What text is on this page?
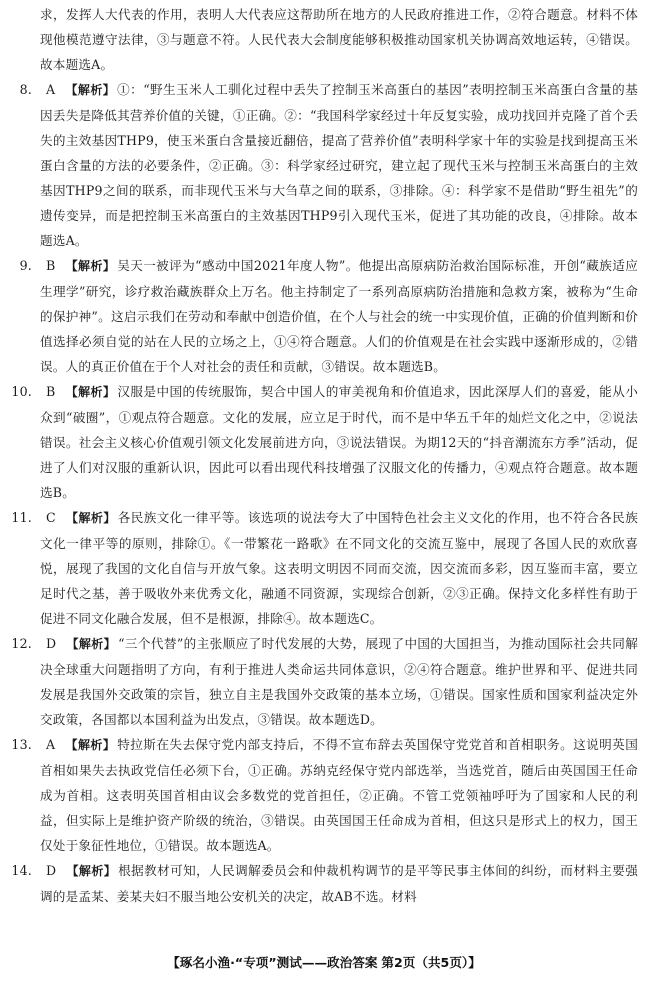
求，发挥人大代表的作用，表明人大代表应这帮助所在地方的人民政府推进工作，②符合题意。材料不体现他模范遵守法律，③与题意不符。人民代表大会制度能够积极推动国家机关协调高效地运转，④错误。故本题选A。

8. A 【解析】 ①：“野生玉米人工驯化过程中丢失了控制玉米高蛋白的基因”表明控制玉米高蛋白含量的基因丢失是降低其营养价值的关键，①正确。②：“我国科学家经过十年反复实验，成功找回并克隆了首个丢失的主效基因THP9，使玉米蛋白含量接近翻倍，提高了营养价值”表明科学家十年的实验是找到提高玉米蛋白含量的方法的必要条件，②正确。③：科学家经过研究，建立起了现代玉米与控制玉米高蛋白的主效基因THP9之间的联系，而非现代玉米与大刍草之间的联系，③排除。④：科学家不是借助“野生祖先”的遗传变异，而是把控制玉米高蛋白的主效基因THP9引入现代玉米，促进了其功能的改良，④排除。故本题选A。

9. B 【解析】 吴天一被评为“感动中国2021年度人物”。他提出高原病防治救治国际标准，开创“藏族适应生理学”研究，诊疗救治藏族群众上万名。他主持制定了一系列高原病防治措施和急救方案，被称为“生命的保护神”。这启示我们在劳动和奉献中创造价值，在个人与社会的统一中实现价值，正确的价值判断和价值选择必须自觉的站在人民的立场之上，①④符合题意。人们的价值观是在社会实践中逐渐形成的，②错误。人的真正价值在于个人对社会的责任和贡献，③错误。故本题选B。

10. B 【解析】 汉服是中国的传统服饰，契合中国人的审美视角和价值追求，因此深厚人们的喜爱，能从小众到“破圈”，①观点符合题意。文化的发展，应立足于时代，而不是中华五千年的灿烂文化之中，②说法错误。社会主义核心价值观引领文化发展前进方向，③说法错误。为期12天的“抖音潮流东方季”活动，促进了人们对汉服的重新认识，因此可以看出现代科技增强了汉服文化的传播力，④观点符合题意。故本题选B。

11. C 【解析】 各民族文化一律平等。该选项的说法夸大了中国特色社会主义文化的作用，也不符合各民族文化一律平等的原则，排除①。《一带繁花一路歌》在不同文化的交流互鉴中，展现了各国人民的欢欣喜悦，展现了我国的文化自信与开放气象。这表明文明因不同而交流，因交流而多彩，因互鉴而丰富，要立足时代之基，善于吸收外来优秀文化，融通不同资源，实现综合创新，②③正确。保持文化多样性有助于促进不同文化融合发展，但不是根源，排除④。故本题选C。

12. D 【解析】 “三个代替”的主张顺应了时代发展的大势，展现了中国的大国担当，为推动国际社会共同解决全球重大问题指明了方向，有利于推进人类命运共同体意识，②④符合题意。维护世界和平、促进共同发展是我国外交政策的宗旨，独立自主是我国外交政策的基本立场，①错误。国家性质和国家利益决定外交政策，各国都以本国利益为出发点，③错误。故本题选D。

13. A 【解析】 特拉斯在失去保守党内部支持后，不得不宣布辞去英国保守党党首和首相职务。这说明英国首相如果失去执政党信任必须下台，①正确。苏纳克经保守党内部选举，当选党首，随后由英国国王任命成为首相。这表明英国首相由议会多数党的党首担任，②正确。不管工党领袖呼吁为了国家和人民的利益，但实际上是维护资产阶级的统治，③错误。由英国国王任命成为首相，但这只是形式上的权力，国王仅处于象征性地位，①错误。故本题选A。

14. D 【解析】 根据教材可知，人民调解委员会和仲裁机构调节的是平等民事主体间的纠纷，而材料主要强调的是孟某、姜某夫妇不服当地公安机关的决定，故AB不选。材料

【琢名小渔·“专项”测试——政治答案 第2页（共5页）】
